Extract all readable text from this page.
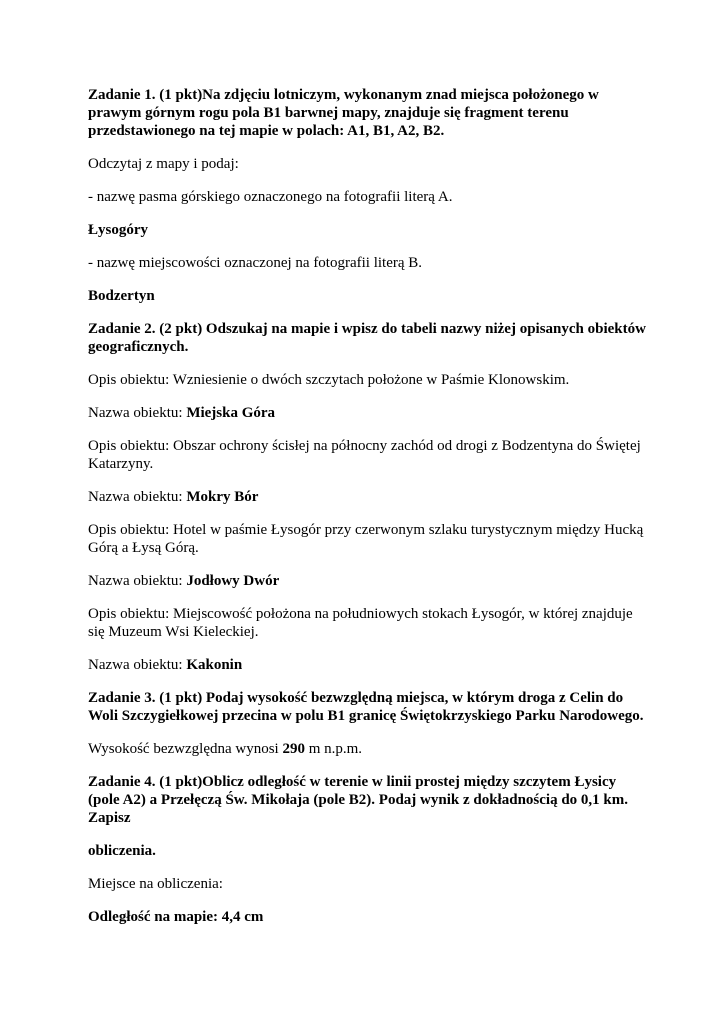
Zadanie 1. (1 pkt)Na zdjęciu lotniczym, wykonanym znad miejsca położonego w prawym górnym rogu pola B1 barwnej mapy, znajduje się fragment terenu przedstawionego na tej mapie w polach: A1, B1, A2, B2.

Odczytaj z mapy i podaj:

- nazwę pasma górskiego oznaczonego na fotografii literą A.

Łysogóry

- nazwę miejscowości oznaczonej na fotografii literą B.

Bodzertyn

Zadanie 2. (2 pkt) Odszukaj na mapie i wpisz do tabeli nazwy niżej opisanych obiektów geograficznych.

Opis obiektu: Wzniesienie o dwóch szczytach położone w Paśmie Klonowskim.

Nazwa obiektu: Miejska Góra

Opis obiektu: Obszar ochrony ścisłej na północny zachód od drogi z Bodzentyna do Świętej Katarzyny.

Nazwa obiektu: Mokry Bór

Opis obiektu: Hotel w paśmie Łysogór przy czerwonym szlaku turystycznym między Hucką Górą a Łysą Górą.

Nazwa obiektu: Jodłowy Dwór

Opis obiektu: Miejscowość położona na południowych stokach Łysogór, w której znajduje się Muzeum Wsi Kieleckiej.

Nazwa obiektu: Kakonin

Zadanie 3. (1 pkt) Podaj wysokość bezwzględną miejsca, w którym droga z Celin do Woli Szczygiełkowej przecina w polu B1 granicę Świętokrzyskiego Parku Narodowego.

Wysokość bezwzględna wynosi 290 m n.p.m.

Zadanie 4. (1 pkt)Oblicz odległość w terenie w linii prostej między szczytem Łysicy (pole A2) a Przełęczą Św. Mikołaja (pole B2). Podaj wynik z dokładnością do 0,1 km. Zapisz

obliczenia.

Miejsce na obliczenia:

Odległość na mapie: 4,4 cm
